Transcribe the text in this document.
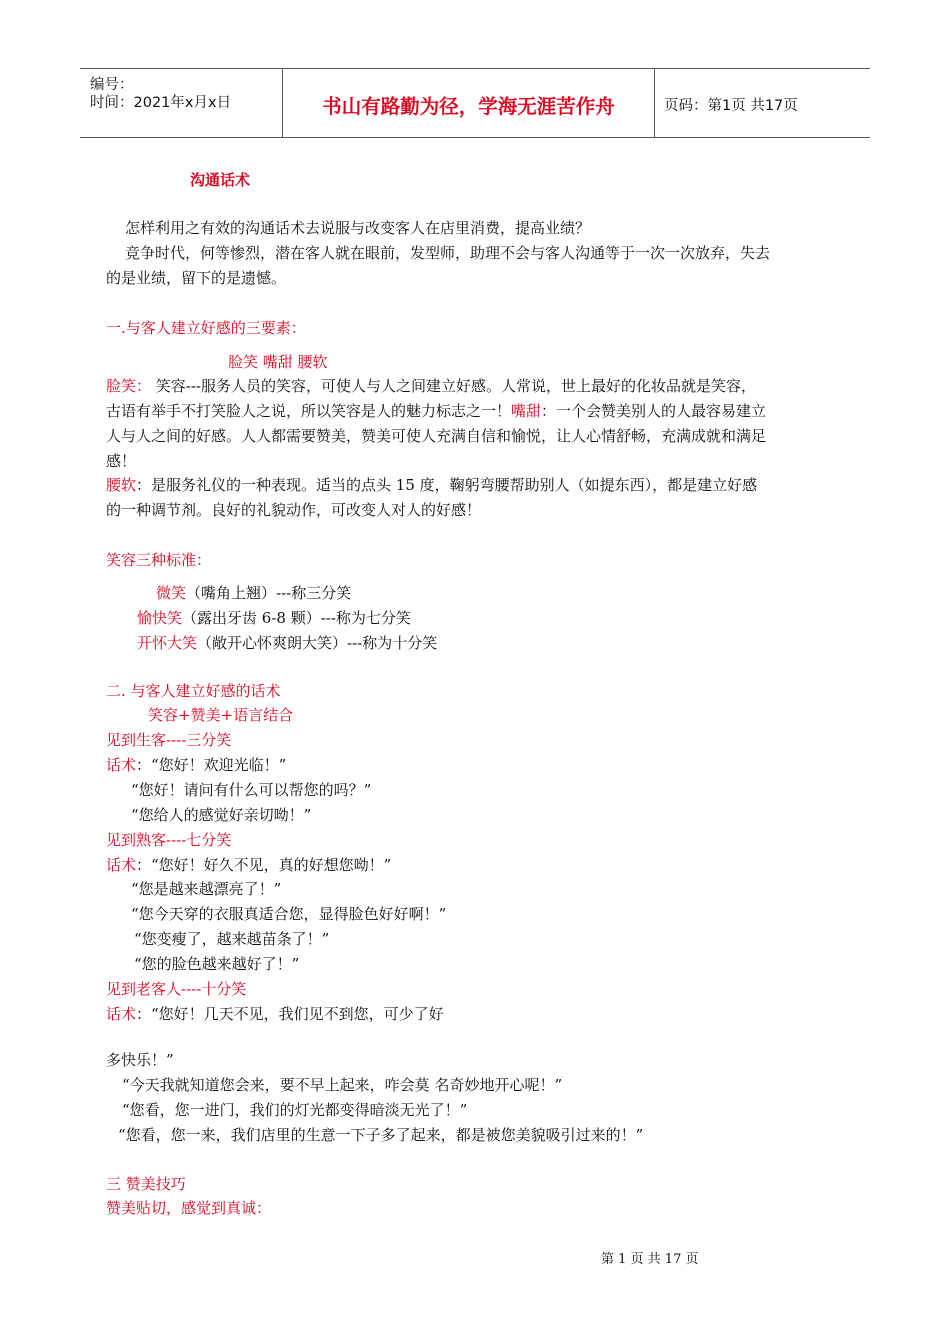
编号：
时间：2021年x月x日	书山有路勤为径，学海无涯苦作舟	页码：第1页 共17页
沟通话术
怎样利用之有效的沟通话术去说服与改变客人在店里消费，提高业绩？
竞争时代，何等惨烈，潜在客人就在眼前，发型师，助理不会与客人沟通等于一次一次放弃，失去
的是业绩，留下的是遗憾。
一.与客人建立好感的三要素：
脸笑 嘴甜 腰软
脸笑： 笑容---服务人员的笑容，可使人与人之间建立好感。人常说，世上最好的化妆品就是笑容，
古语有举手不打笑脸人之说，所以笑容是人的魅力标志之一！嘴甜：一个会赞美别人的人最容易建立
人与人之间的好感。人人都需要赞美，赞美可使人充满自信和愉悦，让人心情舒畅，充满成就和满足
感！
腰软：是服务礼仪的一种表现。适当的点头 15 度，鞠躬弯腰帮助别人（如提东西），都是建立好感
的一种调节剂。良好的礼貌动作，可改变人对人的好感！
笑容三种标准：
微笑（嘴角上翘）---称三分笑
愉快笑（露出牙齿 6-8 颗）---称为七分笑
开怀大笑（敞开心怀爽朗大笑）---称为十分笑
二. 与客人建立好感的话术
笑容+赞美+语言结合
见到生客----三分笑
话术：“您好！欢迎光临！”
“您好！请问有什么可以帮您的吗？”
“您给人的感觉好亲切呦！”
见到熟客----七分笑
话术：“您好！好久不见，真的好想您呦！”
“您是越来越漂亮了！”
“您今天穿的衣服真适合您，显得脸色好好啊！”
“您变瘦了，越来越苗条了！”
“您的脸色越来越好了！”
见到老客人----十分笑
话术：“您好！几天不见，我们见不到您，可少了好
多快乐！”
“今天我就知道您会来，要不早上起来，咋会莫 名奇妙地开心呢！”
“您看，您一进门，我们的灯光都变得暗淡无光了！”
“您看，您一来，我们店里的生意一下子多了起来，都是被您美貌吸引过来的！”
三 赞美技巧
赞美贴切，感觉到真诚：
第 1 页 共 17 页
